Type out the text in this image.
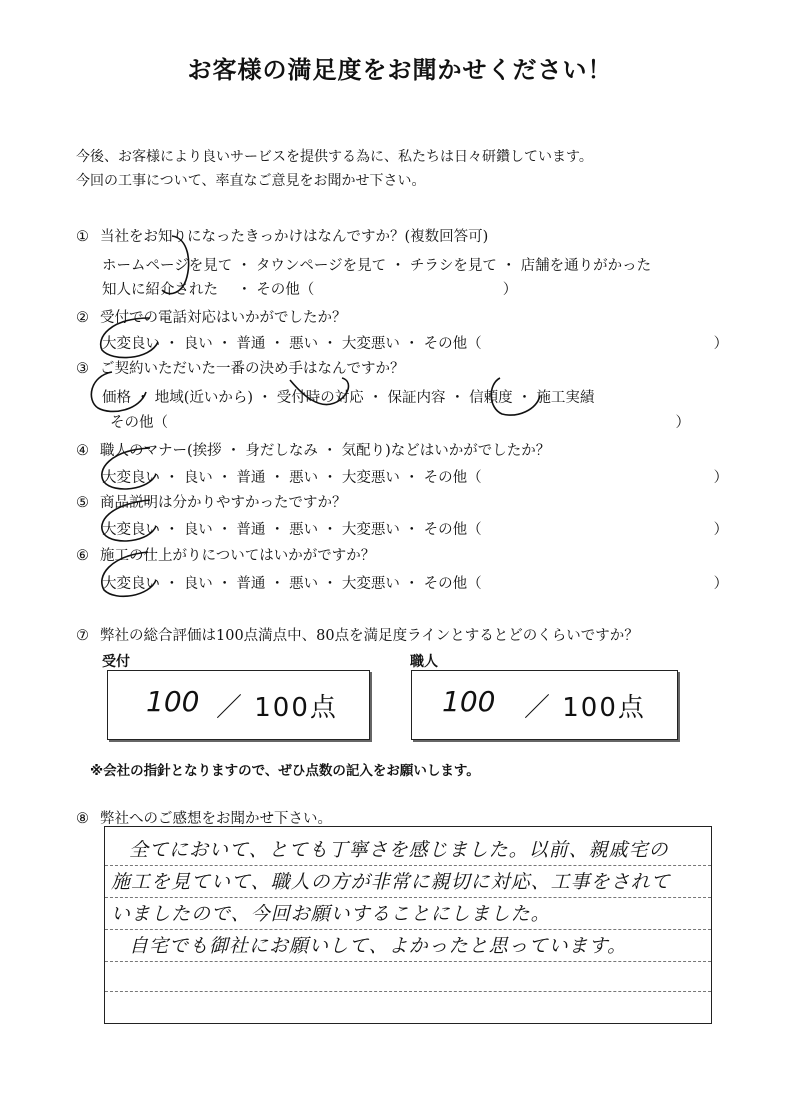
お客様の満足度をお聞かせください！
今後、お客様により良いサービスを提供する為に、私たちは日々研鑽しています。
今回の工事について、率直なご意見をお聞かせ下さい。
① 当社をお知りになったきっかけはなんですか？(複数回答可)
ホームページを見て ・ タウンページを見て ・ チラシを見て ・ 店舗を通りがかった
知人に紹介された　 ・ その他（　　　　　　　　　　　　　）
② 受付での電話対応はいかがでしたか？
大変良い ・ 良い ・ 普通 ・ 悪い ・ 大変悪い ・ その他（　　　　　　　　　　　　　　　　）
③ ご契約いただいた一番の決め手はなんですか？
価格 ・ 地域(近いから) ・ 受付時の対応 ・ 保証内容 ・ 信頼度 ・ 施工実績
その他（　　　　　　　　　　　　　　　　　　　　　　　　　　　　　　　　　　　）
④ 職人のマナー(挨拶 ・ 身だしなみ ・ 気配り)などはいかがでしたか？
大変良い ・ 良い ・ 普通 ・ 悪い ・ 大変悪い ・ その他（　　　　　　　　　　　　　　　　）
⑤ 商品説明は分かりやすかったですか？
大変良い ・ 良い ・ 普通 ・ 悪い ・ 大変悪い ・ その他（　　　　　　　　　　　　　　　　）
⑥ 施工の仕上がりについてはいかがですか？
大変良い ・ 良い ・ 普通 ・ 悪い ・ 大変悪い ・ その他（　　　　　　　　　　　　　　　　）
⑦ 弊社の総合評価は100点満点中、80点を満足度ラインとするとどのくらいですか？
受付	職人
100 ／ 100点	100 ／ 100点
※会社の指針となりますので、ぜひ点数の記入をお願いします。
⑧ 弊社へのご感想をお聞かせ下さい。
全てにおいて、とても丁寧さを感じました。以前、親戚宅の
施工を見ていて、職人の方が非常に親切に対応、工事をされて
いましたので、今回お願いすることにしました。
自宅でも御社にお願いして、よかったと思っています。
